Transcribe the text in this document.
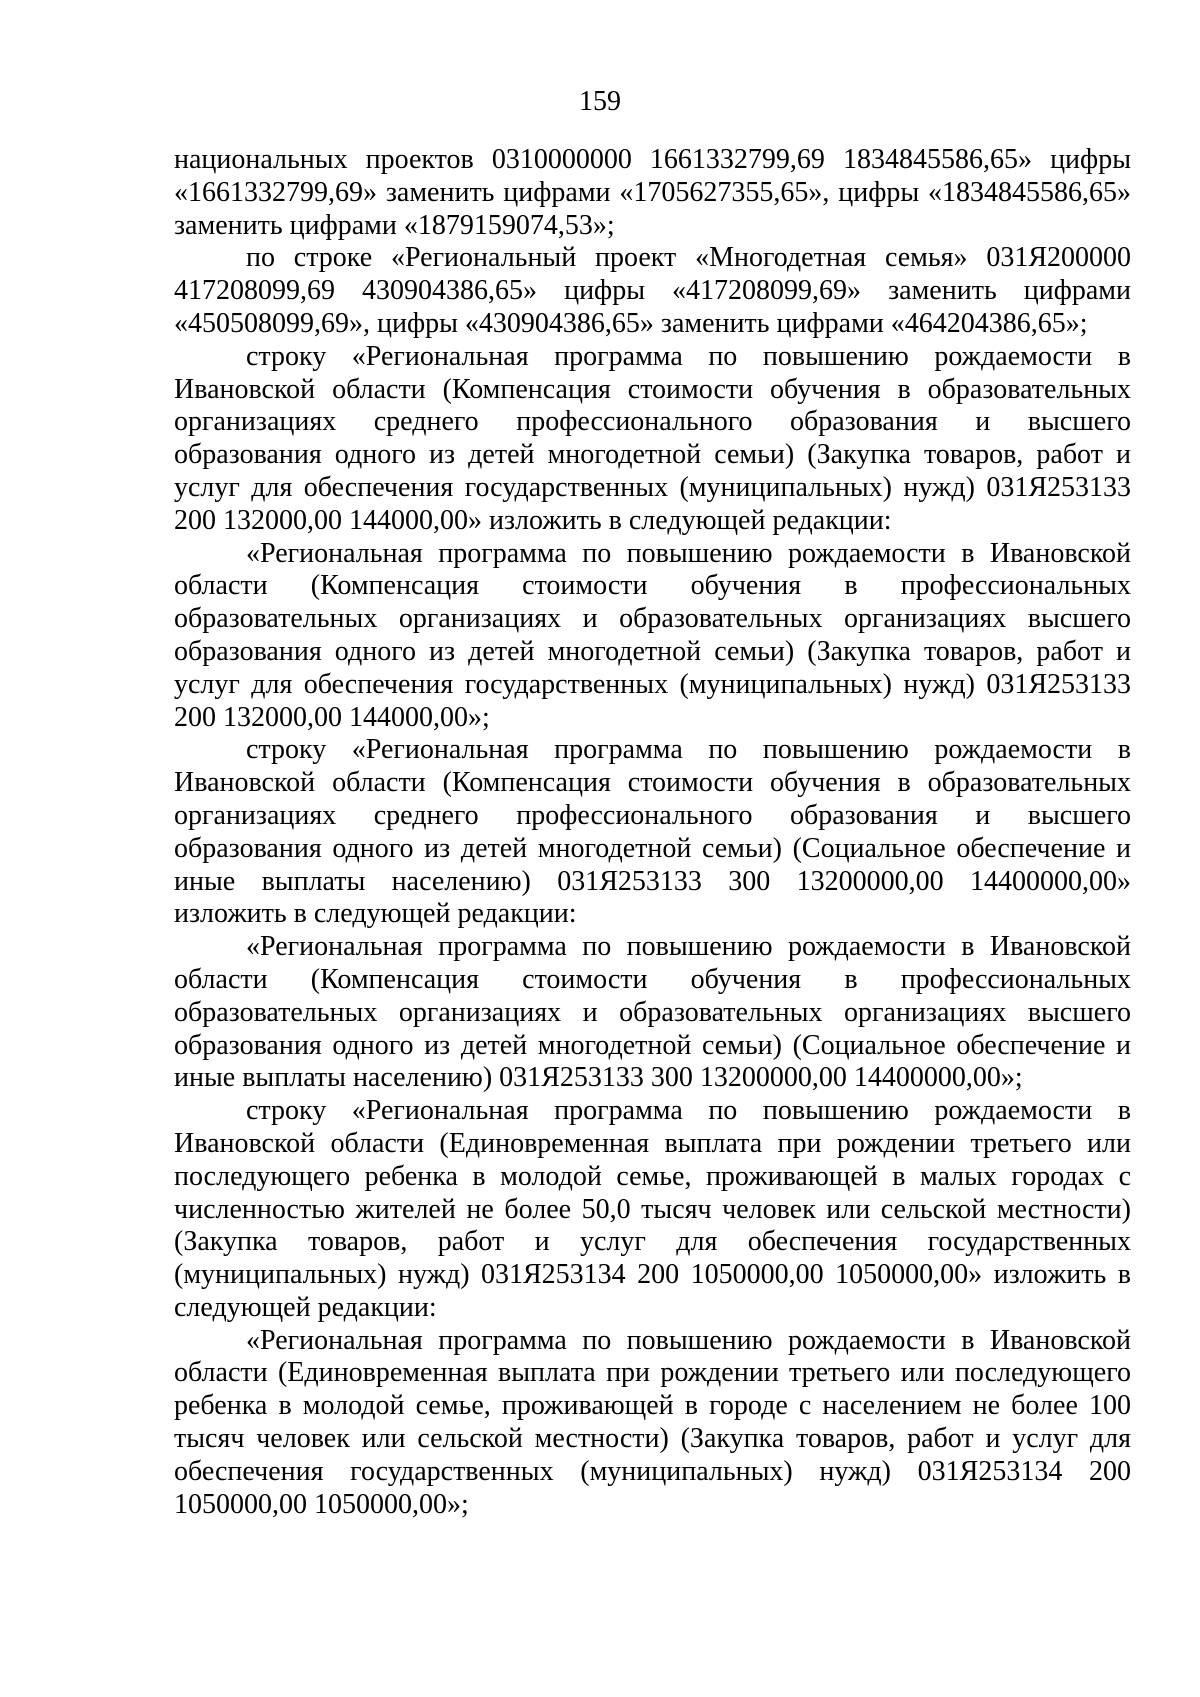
159

национальных проектов 0310000000 1661332799,69 1834845586,65» цифры «1661332799,69» заменить цифрами «1705627355,65», цифры «1834845586,65» заменить цифрами «1879159074,53»;

по строке «Региональный проект «Многодетная семья» 031Я200000 417208099,69 430904386,65» цифры «417208099,69» заменить цифрами «450508099,69», цифры «430904386,65» заменить цифрами «464204386,65»;

строку «Региональная программа по повышению рождаемости в Ивановской области (Компенсация стоимости обучения в образовательных организациях среднего профессионального образования и высшего образования одного из детей многодетной семьи) (Закупка товаров, работ и услуг для обеспечения государственных (муниципальных) нужд) 031Я253133 200 132000,00 144000,00» изложить в следующей редакции:

«Региональная программа по повышению рождаемости в Ивановской области (Компенсация стоимости обучения в профессиональных образовательных организациях и образовательных организациях высшего образования одного из детей многодетной семьи) (Закупка товаров, работ и услуг для обеспечения государственных (муниципальных) нужд) 031Я253133 200 132000,00 144000,00»;

строку «Региональная программа по повышению рождаемости в Ивановской области (Компенсация стоимости обучения в образовательных организациях среднего профессионального образования и высшего образования одного из детей многодетной семьи) (Социальное обеспечение и иные выплаты населению) 031Я253133 300 13200000,00 14400000,00» изложить в следующей редакции:

«Региональная программа по повышению рождаемости в Ивановской области (Компенсация стоимости обучения в профессиональных образовательных организациях и образовательных организациях высшего образования одного из детей многодетной семьи) (Социальное обеспечение и иные выплаты населению) 031Я253133 300 13200000,00 14400000,00»;

строку «Региональная программа по повышению рождаемости в Ивановской области (Единовременная выплата при рождении третьего или последующего ребенка в молодой семье, проживающей в малых городах с численностью жителей не более 50,0 тысяч человек или сельской местности) (Закупка товаров, работ и услуг для обеспечения государственных (муниципальных) нужд) 031Я253134 200 1050000,00 1050000,00» изложить в следующей редакции:

«Региональная программа по повышению рождаемости в Ивановской области (Единовременная выплата при рождении третьего или последующего ребенка в молодой семье, проживающей в городе с населением не более 100 тысяч человек или сельской местности) (Закупка товаров, работ и услуг для обеспечения государственных (муниципальных) нужд) 031Я253134 200 1050000,00 1050000,00»;
